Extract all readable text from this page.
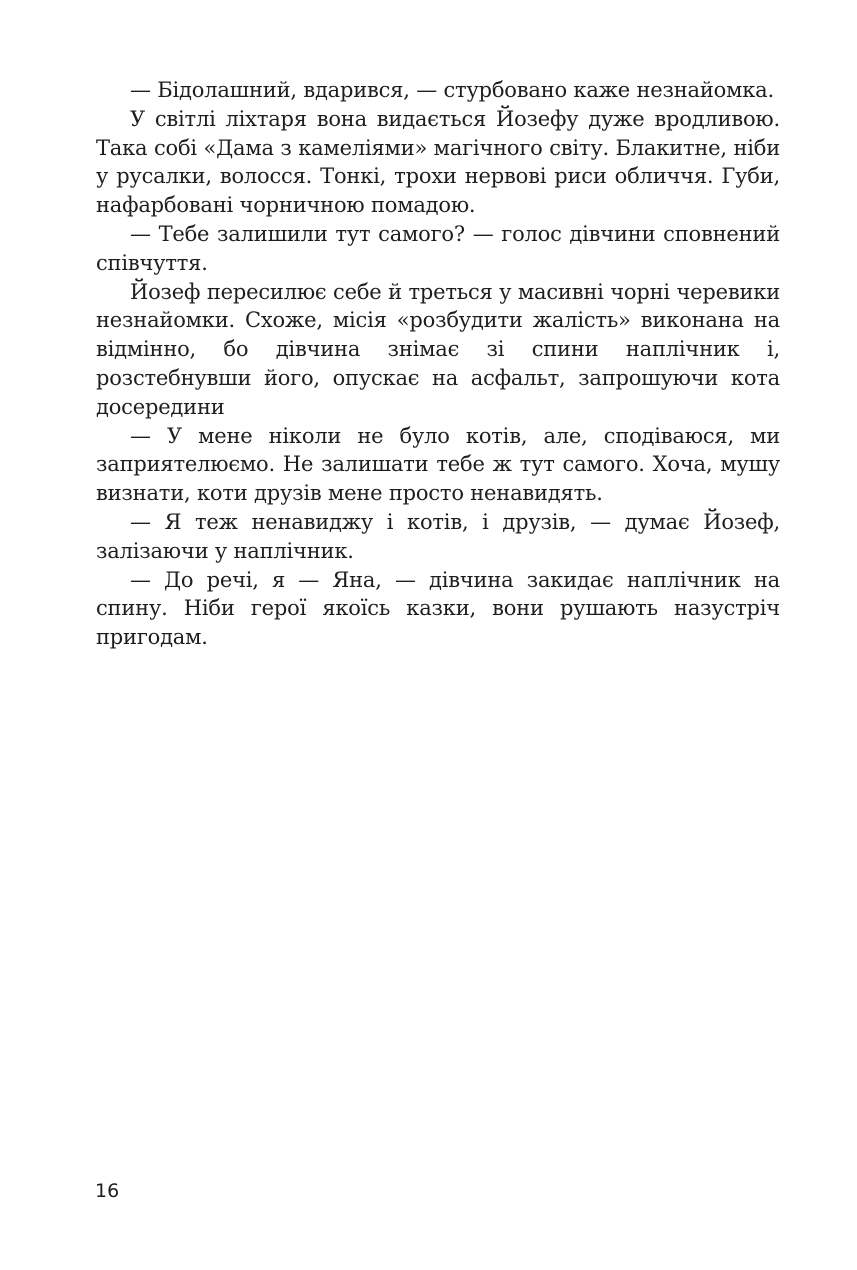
— Бідолашний, вдарився, — стурбовано каже незнайомка.

У світлі ліхтаря вона видається Йозефу дуже вродливою. Така собі «Дама з камеліями» магічного світу. Блакитне, ніби у русалки, волосся. Тонкі, трохи нервові риси обличчя. Губи, нафарбовані чорничною помадою.

— Тебе залишили тут самого? — голос дівчини сповнений співчуття.

Йозеф пересилює себе й треться у масивні чорні черевики незнайомки. Схоже, місія «розбудити жалість» виконана на відмінно, бо дівчина знімає зі спини наплічник і, розстебнувши його, опускає на асфальт, запрошуючи кота досередини

— У мене ніколи не було котів, але, сподіваюся, ми заприятелюємо. Не залишати тебе ж тут самого. Хоча, мушу визнати, коти друзів мене просто ненавидять.

— Я теж ненавиджу і котів, і друзів, — думає Йозеф, залізаючи у наплічник.

— До речі, я — Яна, — дівчина закидає наплічник на спину. Ніби герої якоїсь казки, вони рушають назустріч пригодам.

16
